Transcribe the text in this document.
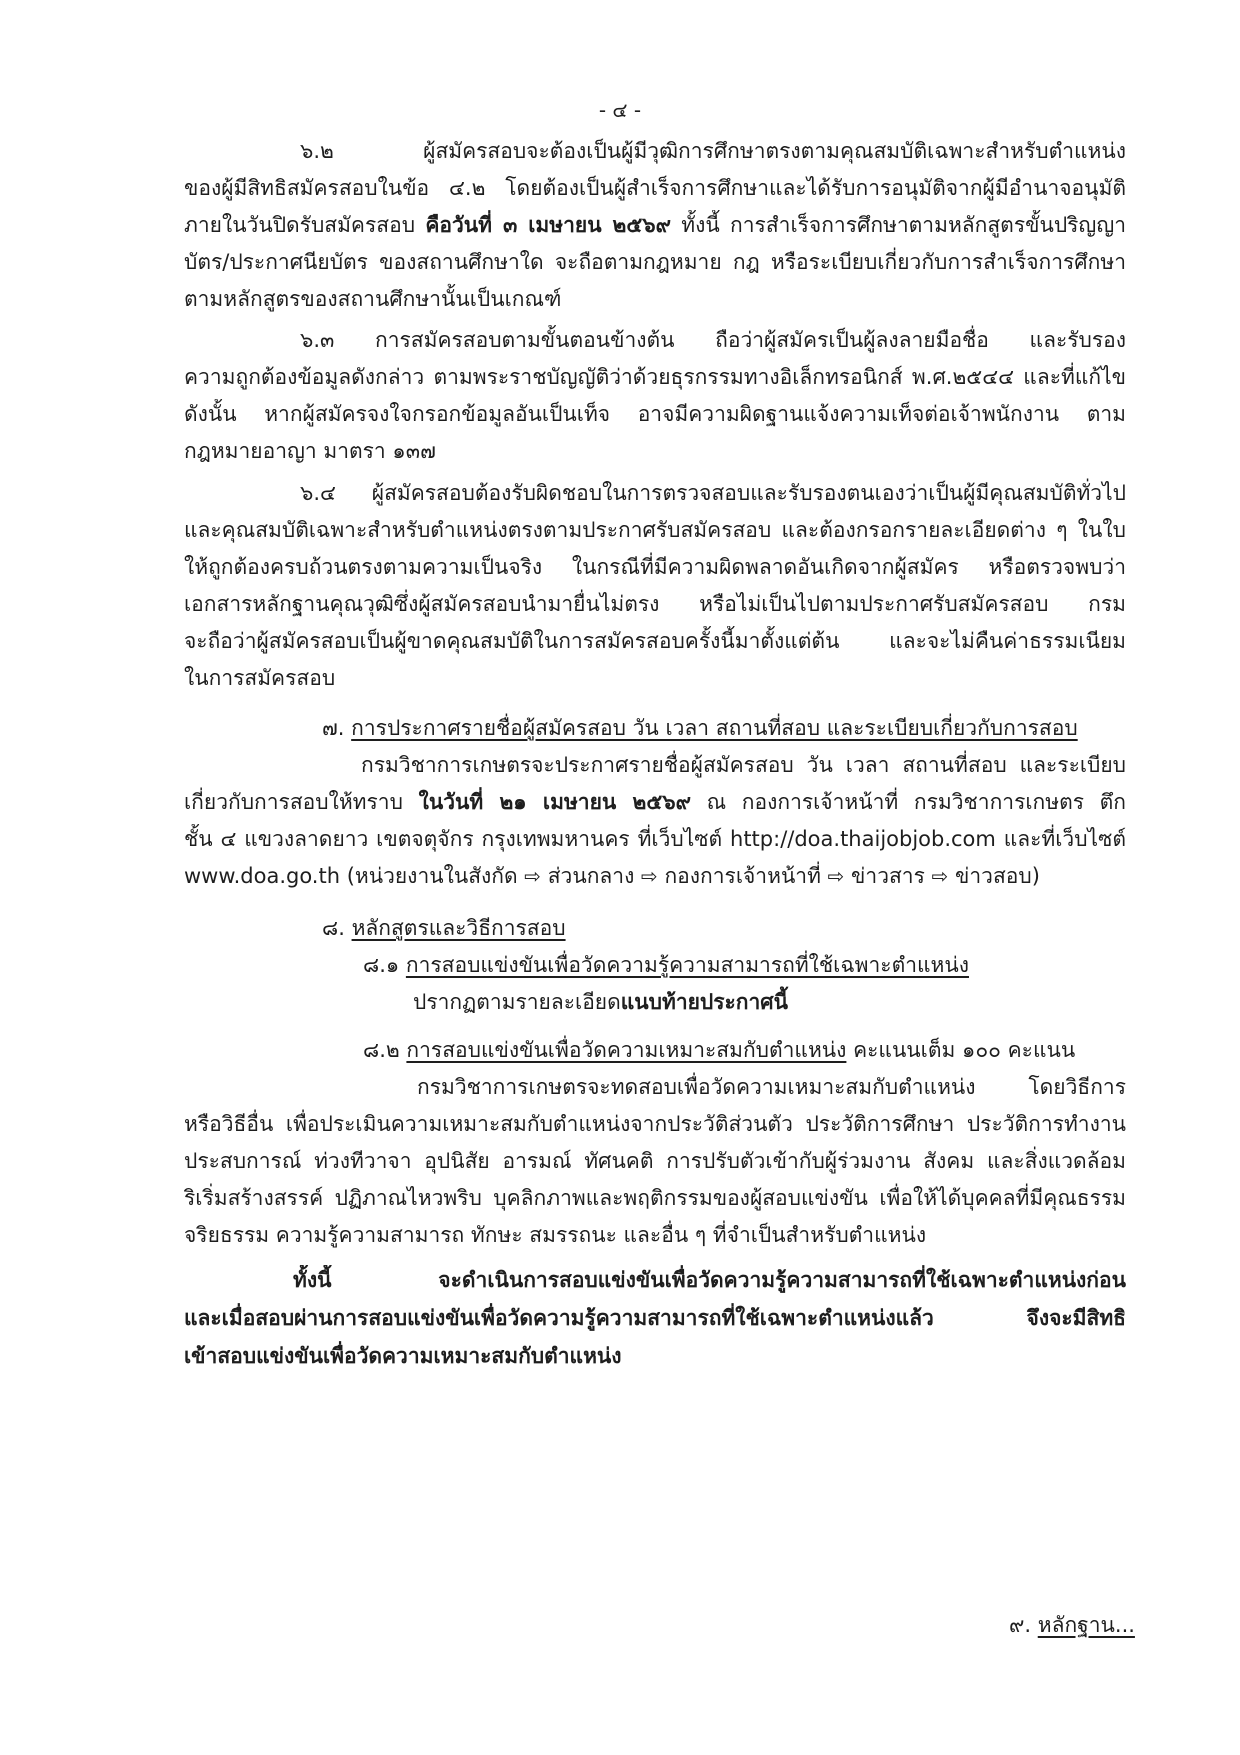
- ๔ -
๖.๒ ผู้สมัครสอบจะต้องเป็นผู้มีวุฒิการศึกษาตรงตามคุณสมบัติเฉพาะสำหรับตำแหน่ง
ของผู้มีสิทธิสมัครสอบในข้อ ๔.๒ โดยต้องเป็นผู้สำเร็จการศึกษาและได้รับการอนุมัติจากผู้มีอำนาจอนุมัติ
ภายในวันปิดรับสมัครสอบ คือวันที่ ๓ เมษายน ๒๕๖๙ ทั้งนี้ การสำเร็จการศึกษาตามหลักสูตรขั้นปริญญา
บัตร/ประกาศนียบัตร ของสถานศึกษาใด จะถือตามกฎหมาย กฎ หรือระเบียบเกี่ยวกับการสำเร็จการศึกษา
ตามหลักสูตรของสถานศึกษานั้นเป็นเกณฑ์
๖.๓ การสมัครสอบตามขั้นตอนข้างต้น ถือว่าผู้สมัครเป็นผู้ลงลายมือชื่อ และรับรอง
ความถูกต้องข้อมูลดังกล่าว ตามพระราชบัญญัติว่าด้วยธุรกรรมทางอิเล็กทรอนิกส์ พ.ศ.๒๕๔๔ และที่แก้ไข
ดังนั้น หากผู้สมัครจงใจกรอกข้อมูลอันเป็นเท็จ อาจมีความผิดฐานแจ้งความเท็จต่อเจ้าพนักงาน ตาม
กฎหมายอาญา มาตรา ๑๓๗
๖.๔ ผู้สมัครสอบต้องรับผิดชอบในการตรวจสอบและรับรองตนเองว่าเป็นผู้มีคุณสมบัติทั่วไป
และคุณสมบัติเฉพาะสำหรับตำแหน่งตรงตามประกาศรับสมัครสอบ และต้องกรอกรายละเอียดต่าง ๆ ในใบ
ให้ถูกต้องครบถ้วนตรงตามความเป็นจริง ในกรณีที่มีความผิดพลาดอันเกิดจากผู้สมัคร หรือตรวจพบว่า
เอกสารหลักฐานคุณวุฒิซึ่งผู้สมัครสอบนำมายื่นไม่ตรง หรือไม่เป็นไปตามประกาศรับสมัครสอบ กรม
จะถือว่าผู้สมัครสอบเป็นผู้ขาดคุณสมบัติในการสมัครสอบครั้งนี้มาตั้งแต่ต้น และจะไม่คืนค่าธรรมเนียม
ในการสมัครสอบ
๗. การประกาศรายชื่อผู้สมัครสอบ วัน เวลา สถานที่สอบ และระเบียบเกี่ยวกับการสอบ
กรมวิชาการเกษตรจะประกาศรายชื่อผู้สมัครสอบ วัน เวลา สถานที่สอบ และระเบียบ
เกี่ยวกับการสอบให้ทราบ ในวันที่ ๒๑ เมษายน ๒๕๖๙ ณ กองการเจ้าหน้าที่ กรมวิชาการเกษตร ตึก
ชั้น ๔ แขวงลาดยาว เขตจตุจักร กรุงเทพมหานคร ที่เว็บไซต์ http://doa.thaijobjob.com และที่เว็บไซต์
www.doa.go.th (หน่วยงานในสังกัด ⇨ ส่วนกลาง ⇨ กองการเจ้าหน้าที่ ⇨ ข่าวสาร ⇨ ข่าวสอบ)
๘. หลักสูตรและวิธีการสอบ
๘.๑ การสอบแข่งขันเพื่อวัดความรู้ความสามารถที่ใช้เฉพาะตำแหน่ง
ปรากฏตามรายละเอียดแนบท้ายประกาศนี้
๘.๒ การสอบแข่งขันเพื่อวัดความเหมาะสมกับตำแหน่ง คะแนนเต็ม ๑๐๐ คะแนน
กรมวิชาการเกษตรจะทดสอบเพื่อวัดความเหมาะสมกับตำแหน่ง โดยวิธีการ
หรือวิธีอื่น เพื่อประเมินความเหมาะสมกับตำแหน่งจากประวัติส่วนตัว ประวัติการศึกษา ประวัติการทำงาน
ประสบการณ์ ท่วงทีวาจา อุปนิสัย อารมณ์ ทัศนคติ การปรับตัวเข้ากับผู้ร่วมงาน สังคม และสิ่งแวดล้อม
ริเริ่มสร้างสรรค์ ปฏิภาณไหวพริบ บุคลิกภาพและพฤติกรรมของผู้สอบแข่งขัน เพื่อให้ได้บุคคลที่มีคุณธรรม
จริยธรรม ความรู้ความสามารถ ทักษะ สมรรถนะ และอื่น ๆ ที่จำเป็นสำหรับตำแหน่ง
ทั้งนี้ จะดำเนินการสอบแข่งขันเพื่อวัดความรู้ความสามารถที่ใช้เฉพาะตำแหน่งก่อน
และเมื่อสอบผ่านการสอบแข่งขันเพื่อวัดความรู้ความสามารถที่ใช้เฉพาะตำแหน่งแล้ว จึงจะมีสิทธิ
เข้าสอบแข่งขันเพื่อวัดความเหมาะสมกับตำแหน่ง
๙. หลักฐาน...
